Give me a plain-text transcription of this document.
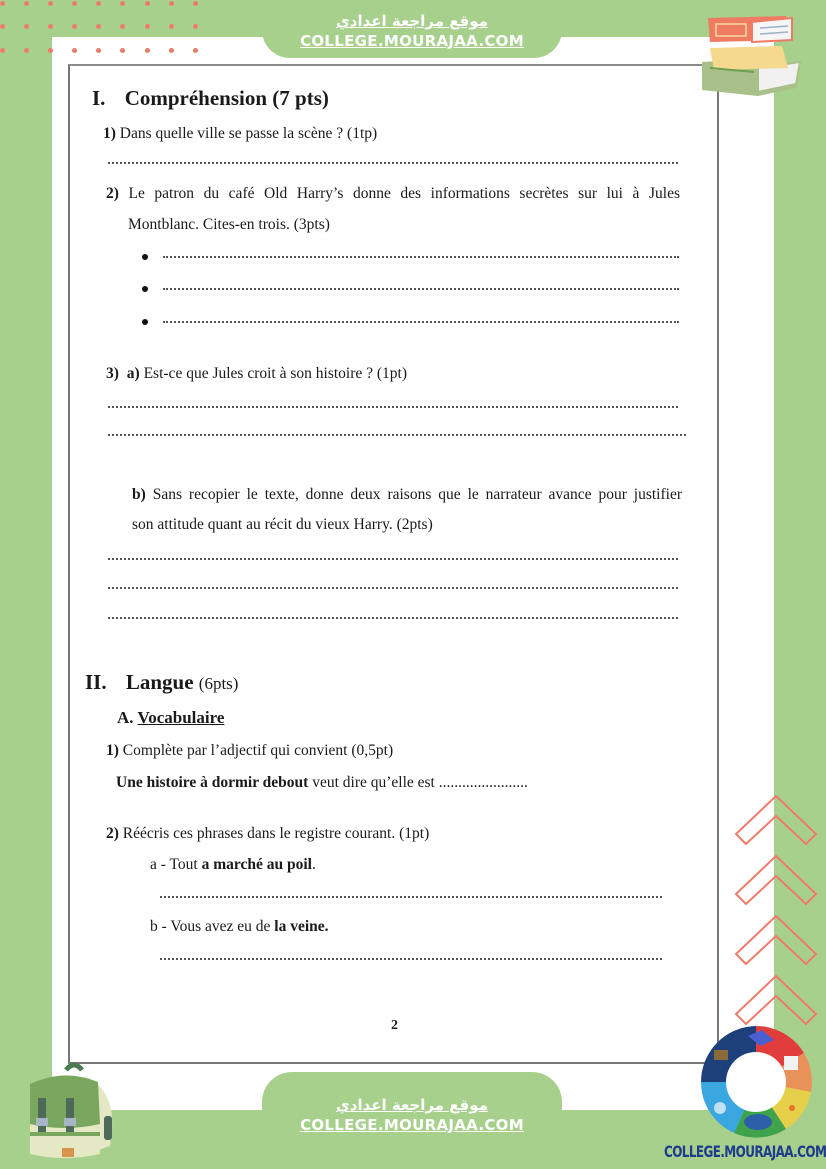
موقع مراجعة اعدادي
COLLEGE.MOURAJAA.COM
I. Compréhension (7 pts)
1) Dans quelle ville se passe la scène ? (1tp)
2) Le patron du café Old Harry’s donne des informations secrètes sur lui à Jules
Montblanc. Cites-en trois. (3pts)
3) a) Est-ce que Jules croit à son histoire ? (1pt)
b) Sans recopier le texte, donne deux raisons que le narrateur avance pour justifier
son attitude quant au récit du vieux Harry. (2pts)
II. Langue (6pts)
A. Vocabulaire
1) Complète par l’adjectif qui convient (0,5pt)
Une histoire à dormir debout veut dire qu’elle est .......................
2) Réécris ces phrases dans le registre courant. (1pt)
a - Tout a marché au poil.
b - Vous avez eu de la veine.
2
موقع مراجعة اعدادي
COLLEGE.MOURAJAA.COM
COLLEGE.MOURAJAA.COM
